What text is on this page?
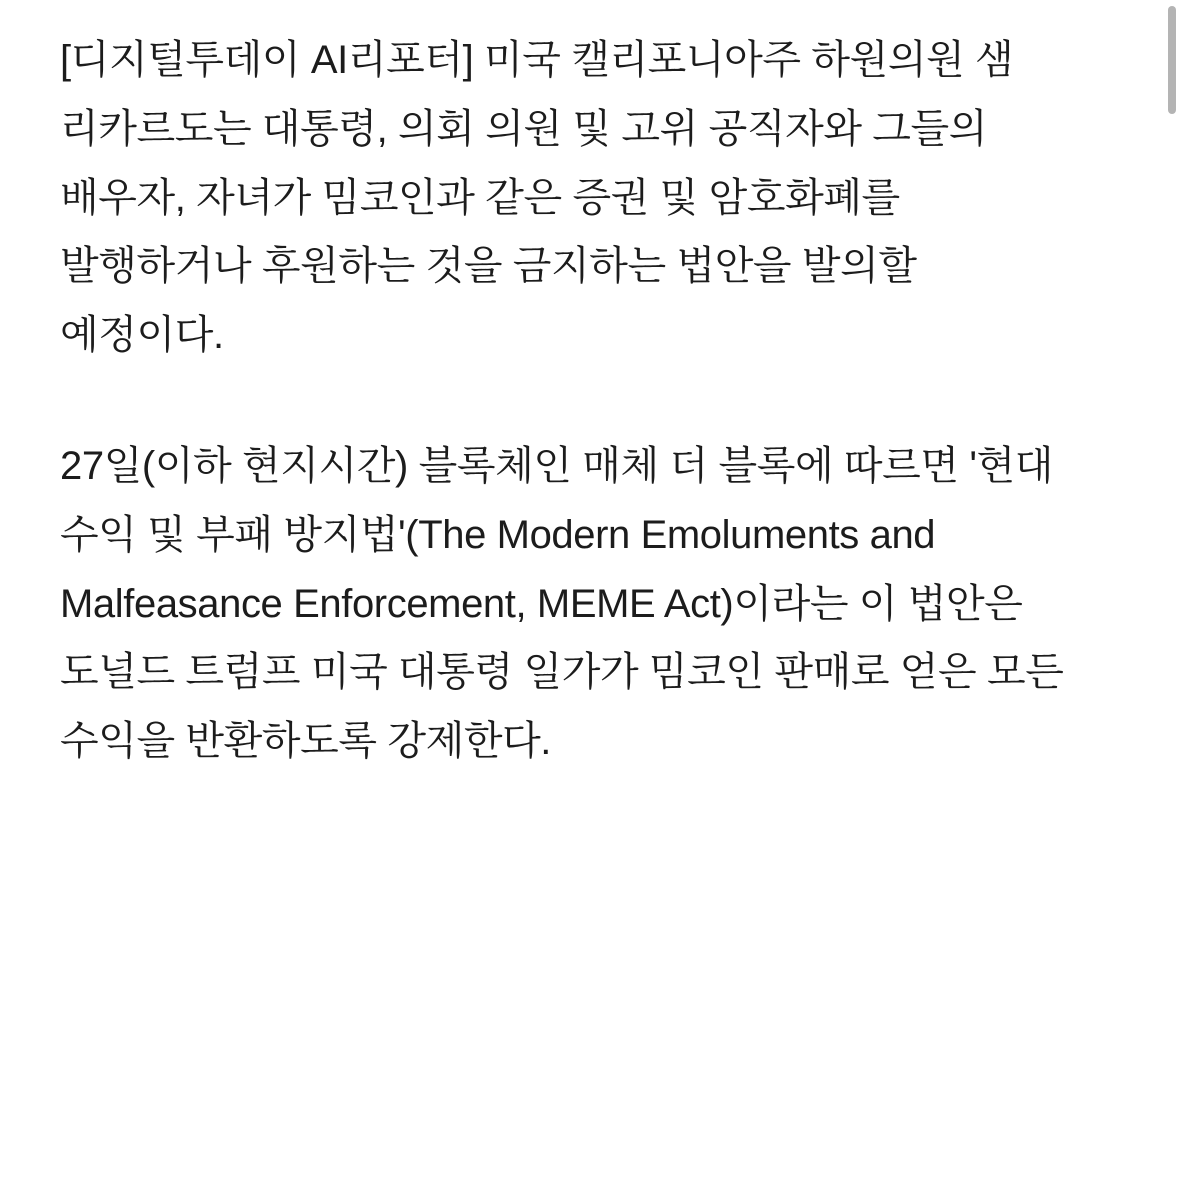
[디지털투데이 AI리포터] 미국 캘리포니아주 하원의원 샘 리카르도는 대통령, 의회 의원 및 고위 공직자와 그들의 배우자, 자녀가 밈코인과 같은 증권 및 암호화폐를 발행하거나 후원하는 것을 금지하는 법안을 발의할 예정이다.

27일(이하 현지시간) 블록체인 매체 더 블록에 따르면 '현대 수익 및 부패 방지법'(The Modern Emoluments and Malfeasance Enforcement, MEME Act)이라는 이 법안은 도널드 트럼프 미국 대통령 일가가 밈코인 판매로 얻은 모든 수익을 반환하도록 강제한다.
